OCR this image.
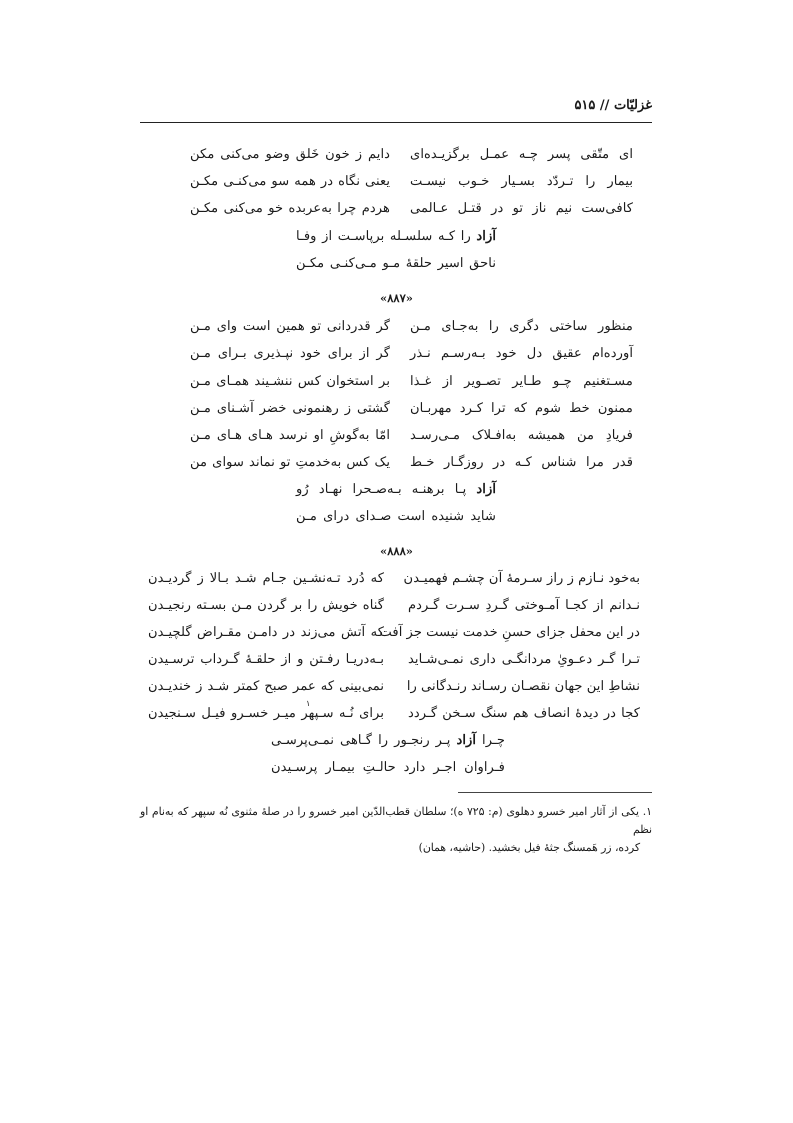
غزلیّات // ۵۱۵
ای متّقی پسر چـه عمـل برگزیـده‌ای
دایم ز خون خَلق وضو می‌کنی مکن
بیمار را تـردّد بسـیار خـوب نیسـت
یعنی نگاه در همه سو می‌کنـی مکـن
کافی‌ست نیم ناز تو در قتـل عـالمی
هردم چرا به‌عربده خو می‌کنی مکـن
آزاد را کـه سلسـله برپاسـت از وفـا
ناحق اسیر حلقهٔ مـو مـی‌کنـی مکـن
«۸۸۷»
منظور ساختی دگری را به‌جـای مـن
گر قدردانی تو همین است وای مـن
آورده‌ام عقیق دل خود بـه‌رسـم نـذر
گر از برای خود نپـذیری بـرای مـن
مسـتغنیم چـو طـایر تصـویر از غـذا
بر استخوان کس ننشـیند همـای مـن
ممنون خط شوم که ترا کـرد مهربـان
گشتی ز رهنمونی خضر آشـنای مـن
فریادِ من همیشه به‌افـلاک مـی‌رسـد
امّا به‌گوشِ او نرسد هـای هـای مـن
قدر مرا شناس کـه در روزگـار خـط
یک کس به‌خدمتِ تو نماند سوای من
آزاد پـا برهنـه بـه‌صـحرا نهـاد رُو
شاید شنیده است صـدای درای مـن
«۸۸۸»
به‌خود نـازم ز راز سـرمهٔ آن چشـم فهمیـدن
که دُرد تـه‌نشـین جـام شـد بـالا ز گردیـدن
نـدانم از کجـا آمـوختی گـردِ سـرت گـردم
گناه خویش را بر گردن مـن بسـته رنجیـدن
در این محفل جزای حسنِ خدمت نیست جز آفت
که آتش می‌زند در دامـن مقـراض گلچیـدن
تـرا گـر دعـویِٰ مردانگـی داری نمـی‌شـاید
بـه‌دریـا رفـتن و از حلقـهٔ گـرداب ترسـیدن
نشاطِ این جهان نقصـان رسـاند رنـدگانی را
نمی‌بینی که عمر صبح کمتر شـد ز خندیـدن
کجا در دیدهٔ انصاف هم سنگ سـخن گـردد
برای نُـه سـپهر میـر خسـرو فیـل سـنجیدن
۱
چـرا آزاد پـر رنجـور را گـاهی نمـی‌پرسـی
فـراوان اجـر دارد حالـتِ بیمـار پرسـیدن
۱. یکی از آثار امیر خسرو دهلوی (م: ۷۲۵ ه)؛ سلطان قطب‌الدّین امیر خسرو را در صلهٔ مثنوی نُه سپهر که به‌نام او نظم
کرده، زر هَمسنگ جثهٔ فیل بخشید. (حاشیه، همان)
